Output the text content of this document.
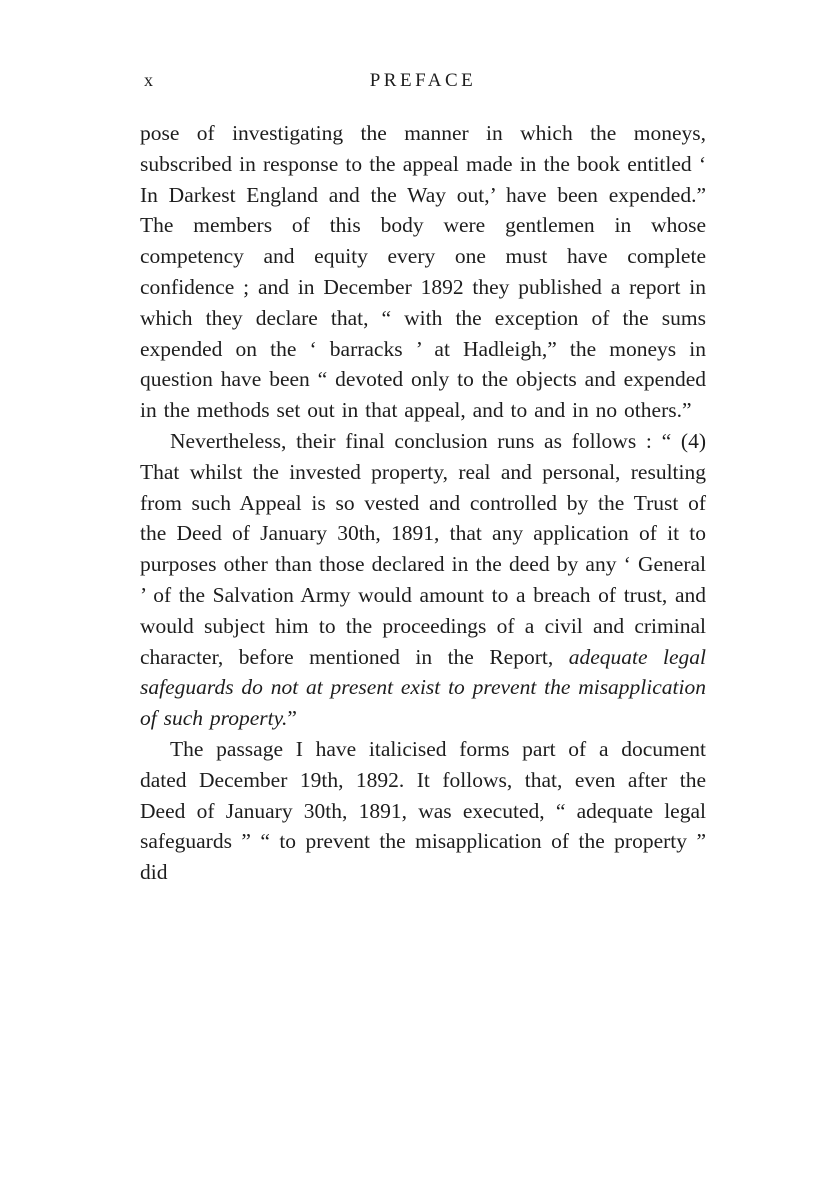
x	PREFACE

pose of investigating the manner in which the moneys, subscribed in response to the appeal made in the book entitled ‘ In Darkest England and the Way out,’ have been expended.” The members of this body were gentlemen in whose competency and equity every one must have complete confidence ; and in December 1892 they published a report in which they declare that, “ with the exception of the sums expended on the ‘ barracks ’ at Hadleigh,” the moneys in question have been “ devoted only to the objects and expended in the methods set out in that appeal, and to and in no others.”

Nevertheless, their final conclusion runs as follows : “ (4) That whilst the invested property, real and personal, resulting from such Appeal is so vested and controlled by the Trust of the Deed of January 30th, 1891, that any application of it to purposes other than those declared in the deed by any ‘ General ’ of the Salvation Army would amount to a breach of trust, and would subject him to the proceedings of a civil and criminal character, before mentioned in the Report, adequate legal safeguards do not at present exist to prevent the misapplication of such property.”

The passage I have italicised forms part of a document dated December 19th, 1892. It follows, that, even after the Deed of January 30th, 1891, was executed, “ adequate legal safeguards ” “ to prevent the misapplication of the property ” did
